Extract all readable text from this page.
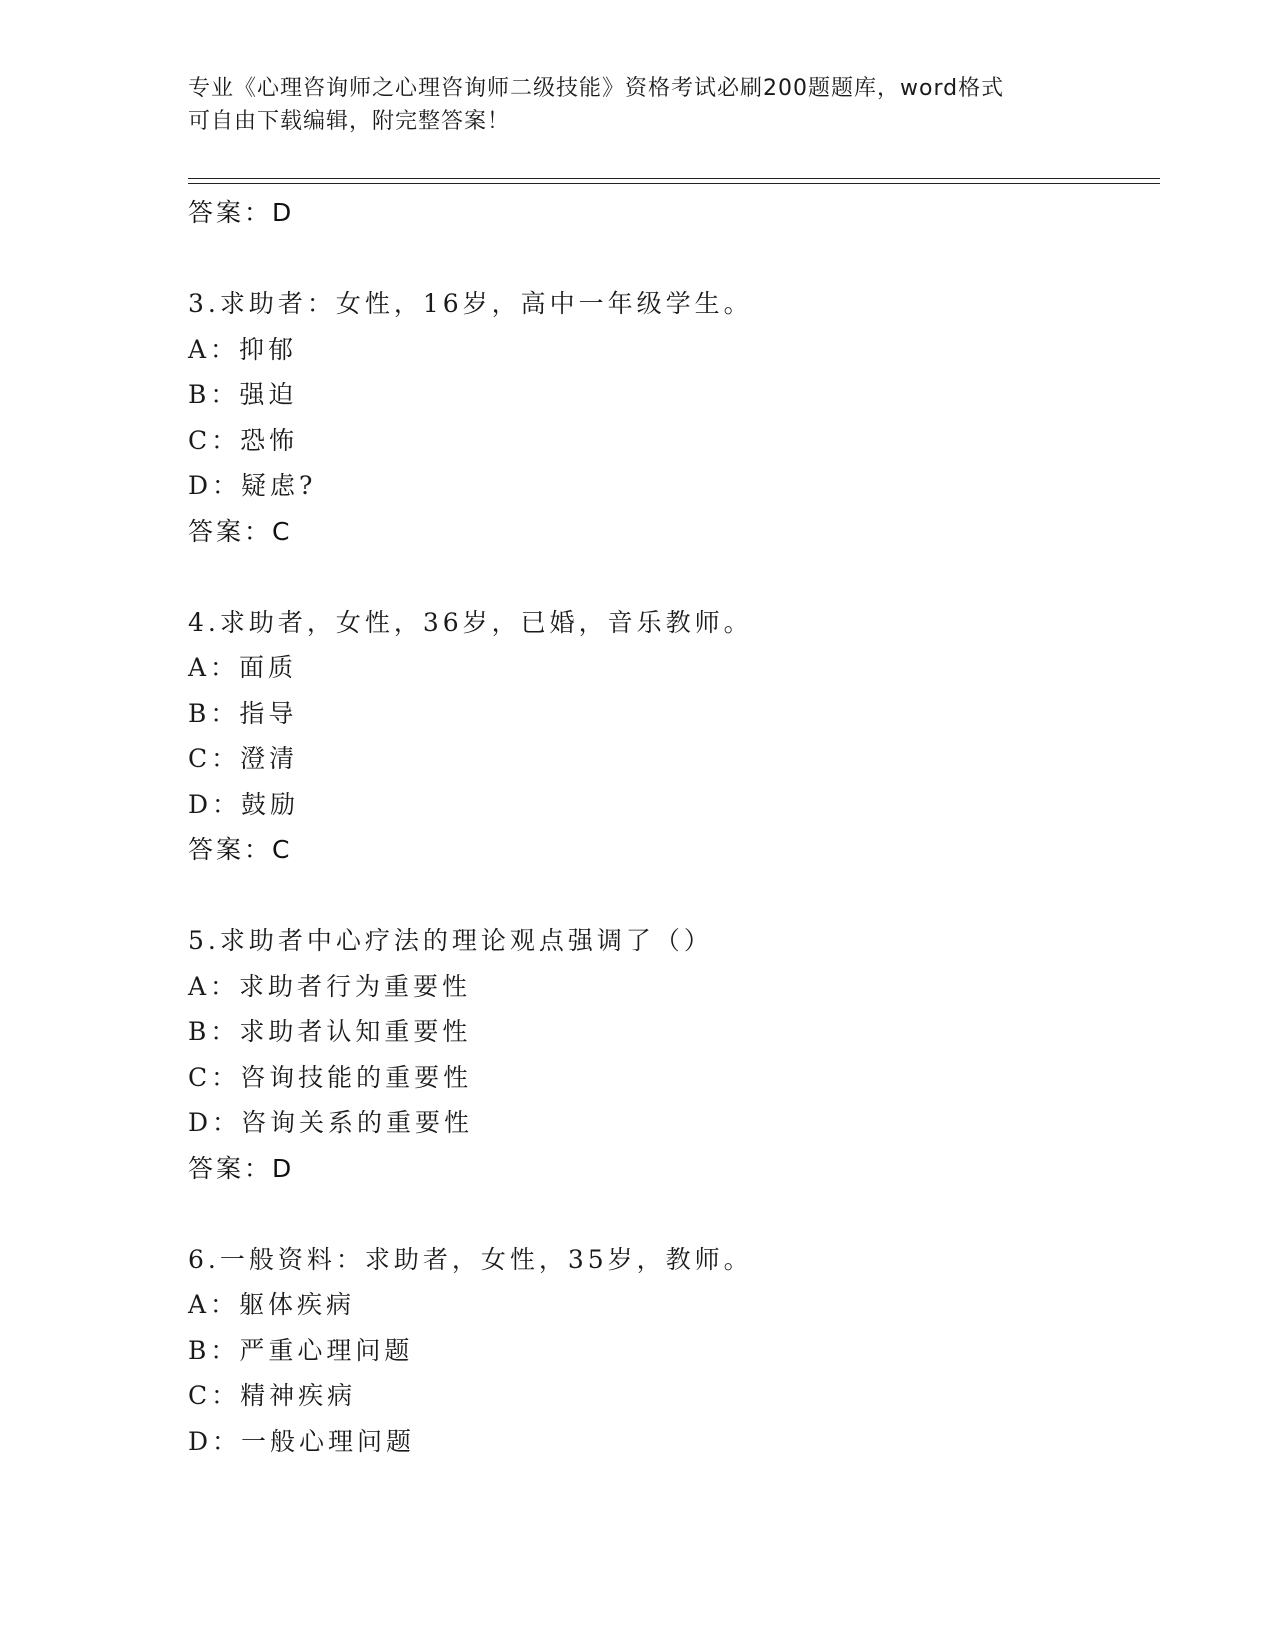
专业《心理咨询师之心理咨询师二级技能》资格考试必刷200题题库，word格式
可自由下载编辑，附完整答案！
答案：D
3.求助者：女性，16岁，高中一年级学生。
A：抑郁
B：强迫
C：恐怖
D：疑虑?
答案：C
4.求助者，女性，36岁，已婚，音乐教师。
A：面质
B：指导
C：澄清
D：鼓励
答案：C
5.求助者中心疗法的理论观点强调了（）
A：求助者行为重要性
B：求助者认知重要性
C：咨询技能的重要性
D：咨询关系的重要性
答案：D
6.一般资料：求助者，女性，35岁，教师。
A：躯体疾病
B：严重心理问题
C：精神疾病
D：一般心理问题
